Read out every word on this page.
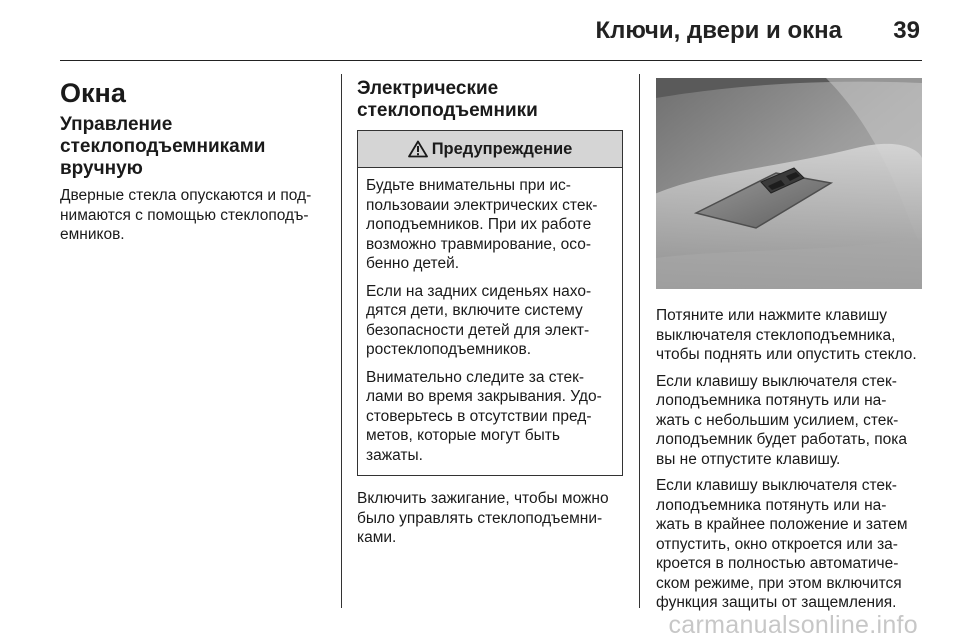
Ключи, двери и окна 39
Окна
Управление стеклоподъемниками вручную
Дверные стекла опускаются и под- нимаются с помощью стеклоподъ- емников.
Электрические стеклоподъемники
Предупреждение
Будьте внимательны при ис- пользоваии электрических стек- лоподъемников. При их работе возможно травмирование, осо- бенно детей.
Если на задних сиденьях нахо- дятся дети, включите систему безопасности детей для элект- ростеклоподъемников.
Внимательно следите за стек- лами во время закрывания. Удо- стоверьтесь в отсутствии пред- метов, которые могут быть зажаты.
Включить зажигание, чтобы можно было управлять стеклоподъемни- ками.
Потяните или нажмите клавишу выключателя стеклоподъемника, чтобы поднять или опустить стекло.
Если клавишу выключателя стек- лоподъемника потянуть или на- жать с небольшим усилием, стек- лоподъемник будет работать, пока вы не отпустите клавишу.
Если клавишу выключателя стек- лоподъемника потянуть или на- жать в крайнее положение и затем отпустить, окно откроется или за- кроется в полностью автоматиче- ском режиме, при этом включится функция защиты от защемления.
carmanualsonline.info
